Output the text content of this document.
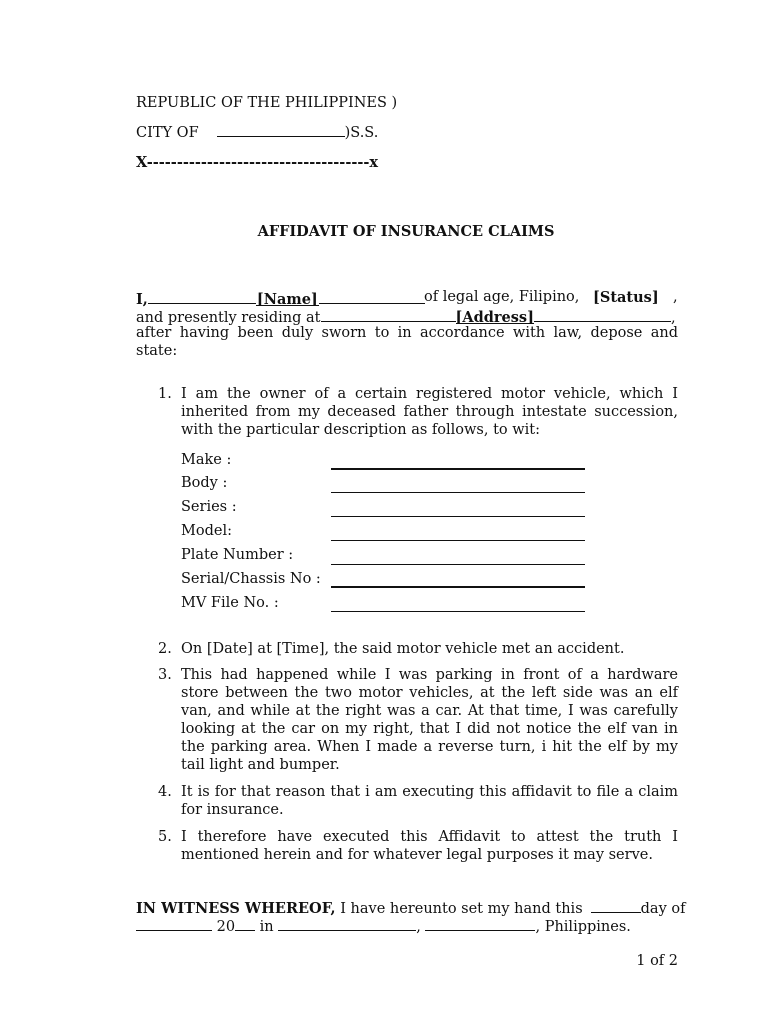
REPUBLIC OF THE PHILIPPINES )
CITY OF	)S.S.
X-------------------------------------x
AFFIDAVIT OF INSURANCE CLAIMS
I,	[Name]	of legal age, Filipino, [Status] ,
and presently residing at	[Address]	,
after having been duly sworn to in accordance with law, depose and
state:
1. I am the owner of a certain registered motor vehicle, which I inherited from my deceased father through intestate succession, with the particular description as follows, to wit:
Make :
Body :
Series :
Model:
Plate Number :
Serial/Chassis No :
MV File No. :
2. On [Date] at [Time], the said motor vehicle met an accident.
3. This had happened while I was parking in front of a hardware store between the two motor vehicles, at the left side was an elf van, and while at the right was a car. At that time, I was carefully looking at the car on my right, that I did not notice the elf van in the parking area. When I made a reverse turn, i hit the elf by my tail light and bumper.
4. It is for that reason that i am executing this affidavit to file a claim for insurance.
5. I therefore have executed this Affidavit to attest the truth I mentioned herein and for whatever legal purposes it may serve.
IN WITNESS WHEREOF, I have hereunto set my hand this	day of
20 in	,	, Philippines.
1 of 2
